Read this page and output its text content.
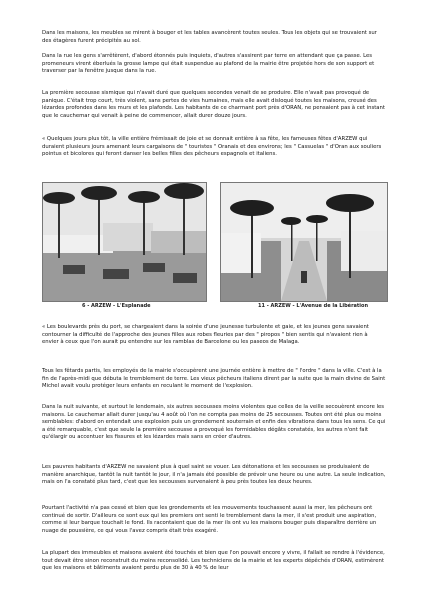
Dans les maisons, les meubles se mirent à bouger et les tables avancèrent toutes seules. Tous les objets qui se trouvaient sur des étagères furent précipités au sol.

Dans la rue les gens s'arrêtèrent, d'abord étonnés puis inquiets, d'autres s'assirent par terre en attendant que ça passe. Les promeneurs virent éberlués la grosse lampe qui était suspendue au plafond de la mairie être projetée hors de son support et traverser par la fenêtre jusque dans la rue.

La première secousse sismique qui n'avait duré que quelques secondes venait de se produire. Elle n'avait pas provoqué de panique. C'était trop court, très violent, sans pertes de vies humaines, mais elle avait disloqué toutes les maisons, creusé des lézardes profondes dans les murs et les plafonds. Les habitants de ce charmant port près d'ORAN, ne pensaient pas à cet instant que le cauchemar qui venait à peine de commencer, allait durer douze jours.

« Quelques jours plus tôt, la ville entière frémissait de joie et se donnait entière à sa fête, les fameuses fêtes d'ARZEW qui duraient plusieurs jours amenant leurs cargaisons de " touristes " Oranais et des environs; les " Cassuelas " d'Oran aux souliers pointus et bicolores qui feront danser les belles filles des pêcheurs espagnols et italiens.

6 - ARZEW - L'Esplanade	11 - ARZEW - L'Avenue de la Libération

« Les boulevards près du port, se chargeaient dans la soirée d'une jeunesse turbulente et gaie, et les jeunes gens savaient contourner la difficulté de l'approche des jeunes filles aux robes fleuries par des " piropos " bien sentis qui n'avaient rien à envier à ceux que l'on aurait pu entendre sur les ramblas de Barcelone ou les paseos de Malaga.

Tous les fêtards partis, les employés de la mairie s'occupèrent une journée entière à mettre de " l'ordre " dans la ville. C'est à la fin de l'après-midi que débuta le tremblement de terre. Les vieux pêcheurs italiens dirent par la suite que la main divine de Saint Michel avait voulu protéger leurs enfants en reculant le moment de l'explosion.

Dans la nuit suivante, et surtout le lendemain, six autres secousses moins violentes que celles de la veille secouèrent encore les maisons. Le cauchemar allait durer jusqu'au 4 août où l'on ne compta pas moins de 25 secousses. Toutes ont été plus ou moins semblables: d'abord on entendait une explosion puis un grondement souterrain et enfin des vibrations dans tous les sens. Ce qui a été remarquable, c'est que seule la première secousse a provoqué les formidables dégâts constatés, les autres n'ont fait qu'élargir ou accentuer les fissures et les lézardes mais sans en créer d'autres.

Les pauvres habitants d'ARZEW ne savaient plus à quel saint se vouer. Les détonations et les secousses se produisaient de manière anarchique, tantôt la nuit tantôt le jour, il n'a jamais été possible de prévoir une heure ou une autre. La seule indication, mais on l'a constaté plus tard, c'est que les secousses survenaient à peu près toutes les deux heures.

Pourtant l'activité n'a pas cessé et bien que les grondements et les mouvements touchassent aussi la mer, les pêcheurs ont continué de sortir. D'ailleurs ce sont eux qui les premiers ont senti le tremblement dans la mer, il s'est produit une aspiration, comme si leur barque touchait le fond. Ils racontaient que de la mer ils ont vu les maisons bouger puis disparaître derrière un nuage de poussière, ce qui vous l'avez compris était très exagéré.

La plupart des immeubles et maisons avaient été touchés et bien que l'on pouvait encore y vivre, il fallait se rendre à l'évidence, tout devait être sinon reconstruit du moins reconsolidé. Les techniciens de la mairie et les experts dépêchés d'ORAN, estimèrent que les maisons et bâtiments avaient perdu plus de 30 à 40 % de leur
